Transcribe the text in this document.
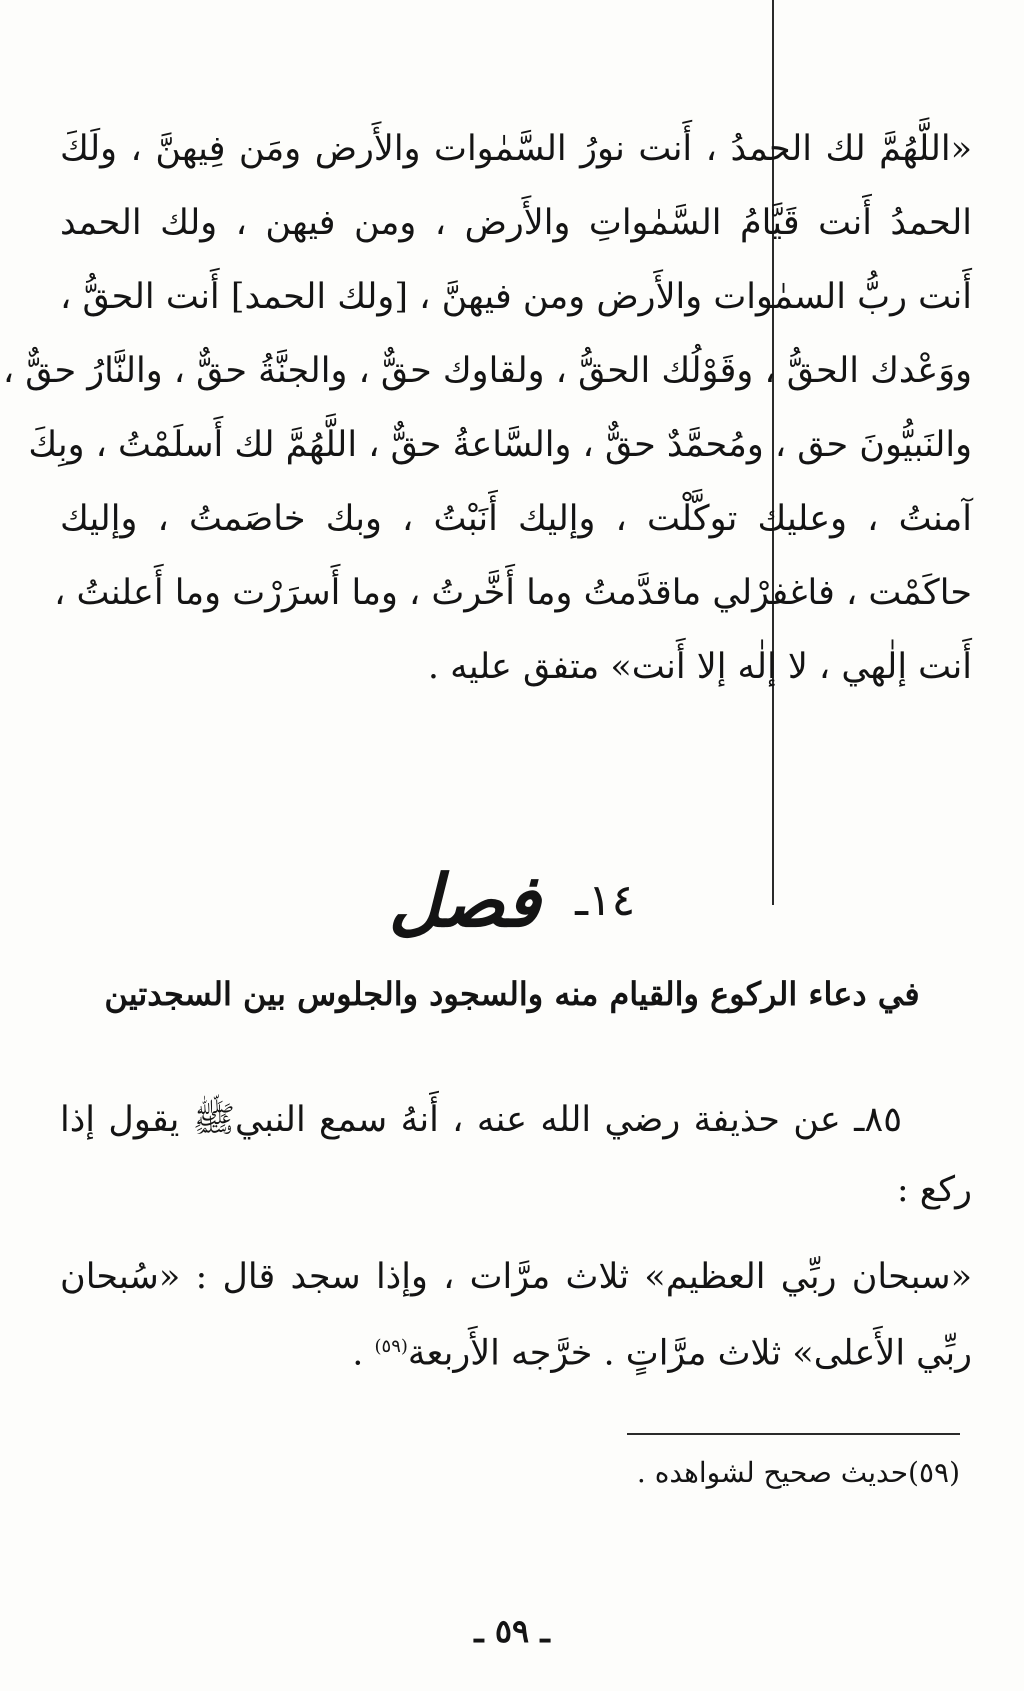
«اللَّهُمَّ لك الحمدُ ، أَنت نورُ السَّمٰوات والأَرض ومَن فِيهنَّ ، ولَكَ
الحمدُ أَنت قَيَّامُ السَّمٰواتِ والأَرض ، ومن فيهن ، ولك الحمد
أَنت ربُّ السمٰوات والأَرض ومن فيهنَّ ، [ولك الحمد] أَنت الحقُّ ،
ووَعْدك الحقُّ ، وقَوْلُك الحقُّ ، ولقاوك حقٌّ ، والجنَّةُ حقٌّ ، والنَّارُ حقٌّ ،
والنَبيُّونَ حق ، ومُحمَّدٌ حقٌّ ، والسَّاعةُ حقٌّ ، اللَّهُمَّ لك أَسلَمْتُ ، وبِكَ
آمنتُ ، وعليك توكَّلْت ، وإليك أَنَبْتُ ، وبك خاصَمتُ ، وإليك
حاكَمْت ، فاغفرْلي ماقدَّمتُ وما أَخَّرتُ ، وما أَسرَرْت وما أَعلنتُ ،
أَنت إلٰهي ، لا إلٰه إلا أَنت» متفق عليه .
١٤ـ فصل
في دعاء الركوع والقيام منه والسجود والجلوس بين السجدتين
٨٥ـ عن حذيفة رضي الله عنه ، أَنهُ سمع النبيﷺ يقول إذا
ركع :
«سبحان ربِّي العظيم» ثلاث مرَّات ، وإذا سجد قال : «سُبحان
ربِّي الأَعلى» ثلاث مرَّاتٍ . خرَّجه الأَربعة$^{(٥٩)}$ .
(٥٩)حديث صحيح لشواهده .
ـ ٥٩ ـ
